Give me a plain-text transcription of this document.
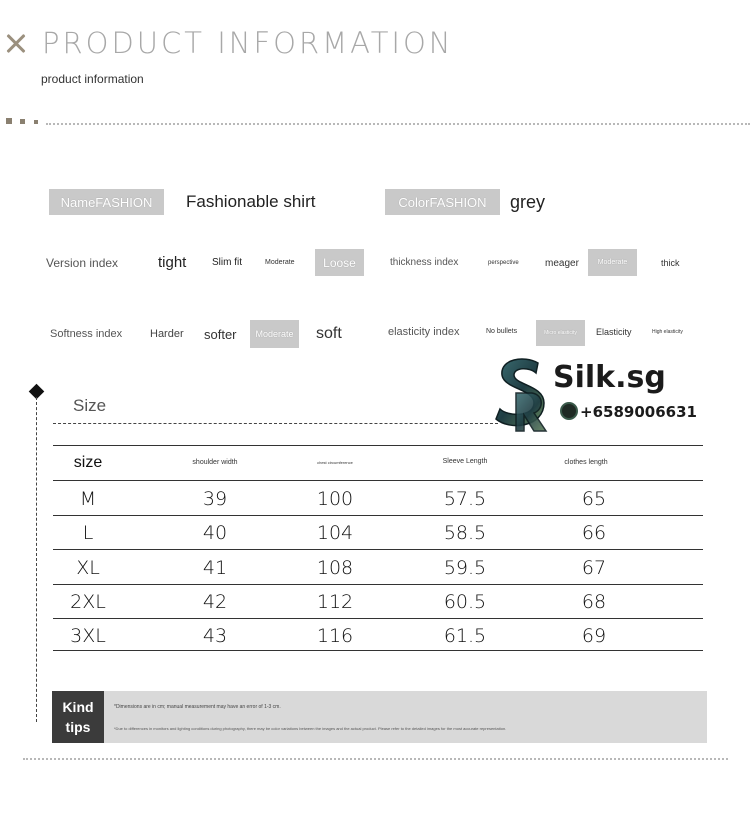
PRODUCT INFORMATION
product information
NameFASHION	Fashionable shirt	ColorFASHION	grey
Version index	tight	Slim fit	Moderate	Loose	thickness index	perspective	meager	Moderate	thick
Softness index	Harder softer	Moderate	soft	elasticity index	No bullets	Micro elasticity	Elasticity	High elasticity
Silk.sg
+6589006631
Size
size	shoulder width	chest circumference	Sleeve Length	clothes length
M	39	100	57.5	65
L	40	104	58.5	66
XL	41	108	59.5	67
2XL	42	112	60.5	68
3XL	43	116	61.5	69
Kind
tips
*Dimensions are in cm; manual measurement may have an error of 1-3 cm.
*Due to differences in monitors and lighting conditions during photography, there may be color variations between the images and the actual product. Please refer to the detailed images for the most accurate representation.
